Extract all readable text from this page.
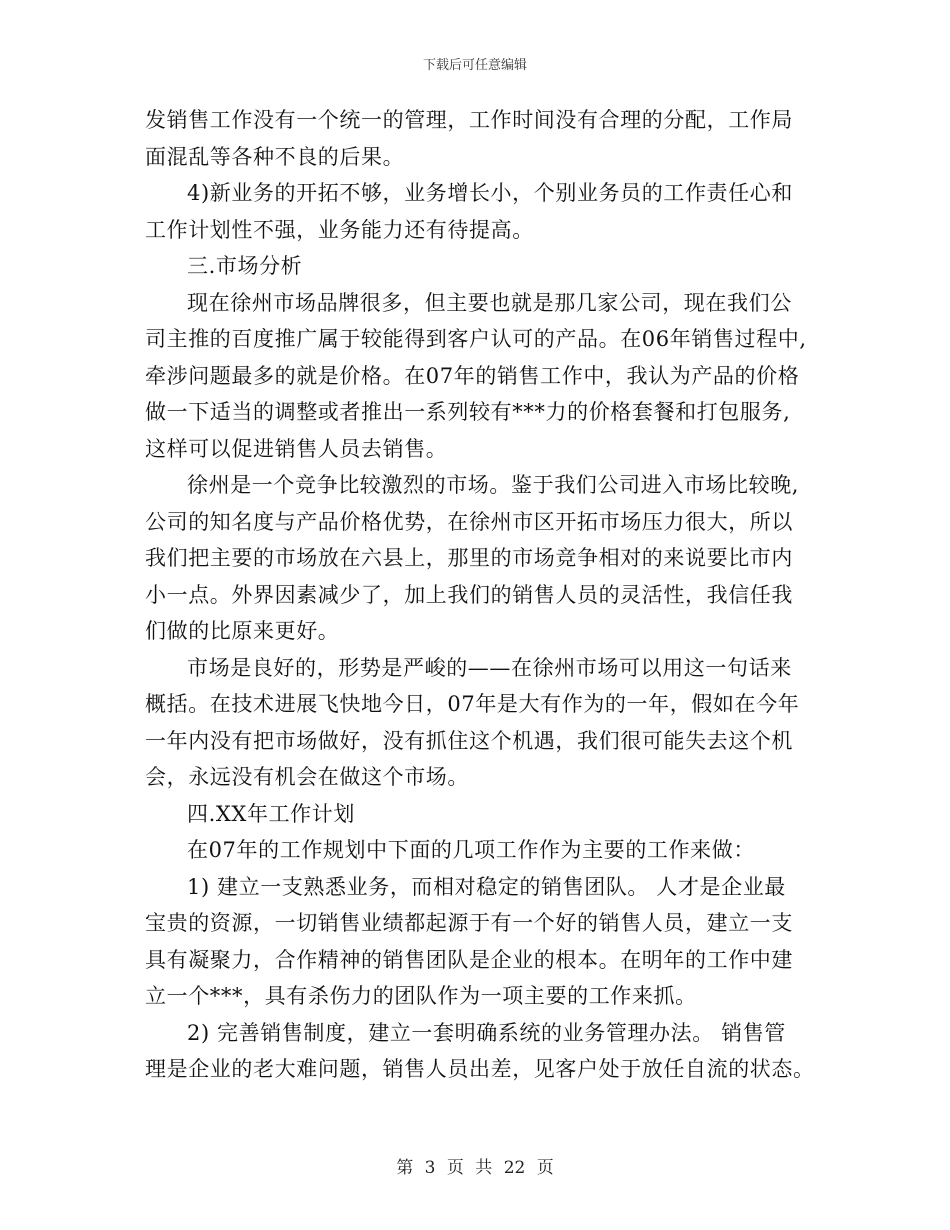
下载后可任意编辑
发销售工作没有一个统一的管理，工作时间没有合理的分配，工作局
面混乱等各种不良的后果。
4)新业务的开拓不够，业务增长小，个别业务员的工作责任心和
工作计划性不强，业务能力还有待提高。
三.市场分析
现在徐州市场品牌很多，但主要也就是那几家公司，现在我们公
司主推的百度推广属于较能得到客户认可的产品。在06年销售过程中,
牵涉问题最多的就是价格。在07年的销售工作中，我认为产品的价格
做一下适当的调整或者推出一系列较有***力的价格套餐和打包服务,
这样可以促进销售人员去销售。
徐州是一个竞争比较激烈的市场。鉴于我们公司进入市场比较晚,
公司的知名度与产品价格优势，在徐州市区开拓市场压力很大，所以
我们把主要的市场放在六县上，那里的市场竞争相对的来说要比市内
小一点。外界因素减少了，加上我们的销售人员的灵活性，我信任我
们做的比原来更好。
市场是良好的，形势是严峻的——在徐州市场可以用这一句话来
概括。在技术进展飞快地今日，07年是大有作为的一年，假如在今年
一年内没有把市场做好，没有抓住这个机遇，我们很可能失去这个机
会，永远没有机会在做这个市场。
四.XX年工作计划
在07年的工作规划中下面的几项工作作为主要的工作来做：
1) 建立一支熟悉业务，而相对稳定的销售团队。 人才是企业最
宝贵的资源，一切销售业绩都起源于有一个好的销售人员，建立一支
具有凝聚力，合作精神的销售团队是企业的根本。在明年的工作中建
立一个***，具有杀伤力的团队作为一项主要的工作来抓。
2) 完善销售制度，建立一套明确系统的业务管理办法。 销售管
理是企业的老大难问题，销售人员出差，见客户处于放任自流的状态。
第 3 页 共 22 页
